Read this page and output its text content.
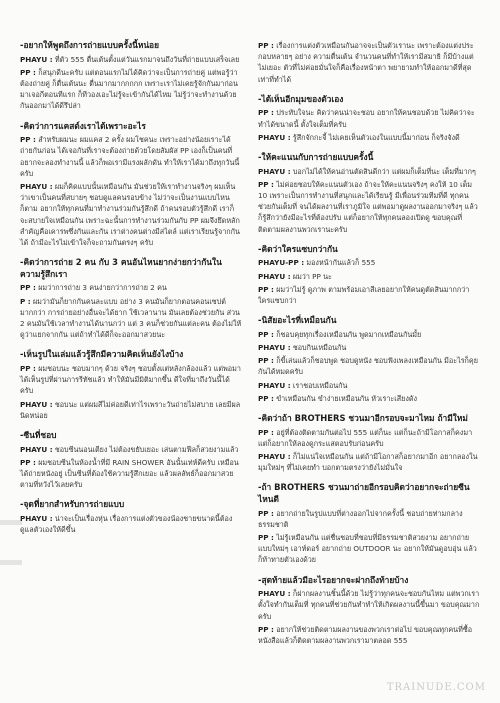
-อยากให้พูดถึงการถ่ายแบบครั้งนี้หน่อย
PHAYU : ที่ตัว 555 ตื่นเต้นตั้งแต่วันแรกมาจนถึงวันที่ถ่ายแบบเสร็จเลย
PP : ก็สนุกดีนะครับ แต่ตอนแรกไม่ได้คิดว่าจะเป็นการถ่ายคู่ แต่พอรู้ว่าต้องถ่ายคู่ ก็ตื่นเต้นนะ ตื่นมากมากกกกก เพราะเราไม่เคยรู้จักกันมาก่อน มาเจอกีตอนทีแรก ก็ทีวองเอะไม่รู้จะเข้ากันได้ไหม ไม่รู้ว่าจะทำงานด้วยกันออกมาได้ดีรึปล่า
-คิดว่าการแคสต์งเราได้เพราะอะไร
PP : สำหรับผมนะ ผมแคส 2 ครั้ง ผมโชคนะ เพราะอย่างน้อยเราะได้ถ่ายกันก่อน ได้เจอกันที่เราจะต้องถ่ายด้วยโดยสัมผัส PP เองก็เป็นคนที่อยากจะลองทำงานนี้ แล้วก็พอเรามีแรงผลักดัน ทำให้เราได้มาถึงทุกวันนี้ครับ
PHAYU : ผมก็คิดแบบนั้นเหมือนกัน มันช่วยให้เราทำงานจริงๆ ผมเห็นว่าเขาเป็นคนที่สบายๆ ชอบดูแลคนรอบข้าง ไม่ว่าจะเป็นงานแบบไหนก็ตาม อยากให้ทุกคนที่มาทำงานร่วมกันรู้สึกดี ถ้าคนรอบตัวรู้สึกดี เราก็จะสบายใจเหมือนกัน เพราะฉะนั้นการทำงานร่วมกันกับ PP ผมจึงยึดหลักสำคัญคือเคารพซึ่งกันและกัน เราต่างคนต่างมีสไตล์ แต่เราเรียนรู้จากกันได้ ถ้ามีอะไรไม่เข้าใจก็จะถามกันตรงๆ ครับ
-คิดว่าการถ่าย 2 คน กับ 3 คนอันไหนยากง่ายกว่ากันในความรู้สึกเรา
PP : ผมว่าการถ่าย 3 คนง่ายกว่าการถ่าย 2 คน
P : ผมว่ามันก็ยากกันคนละแบบ อย่าง 3 คนมันก็ยากตอนคอนเซปต์มากกว่า การถ่ายอย่างอื่นจะได้ยาก ใช้เวลานาน มันเลยต้องช่วยกัน ส่วน 2 คนมันใช้เวลาทำงานได้นานกว่า แต่ 3 คนก็ช่วยกันแต่ละคน ต้องไม่ให้ดูว่าแยกจากกัน แต่ถ้าทำได้ดีก็จะออกมาสวยนะ
-เห็นรูปในเล่มแล้วรู้สึกมีความคิดเห็นยังไงบ้าง
PP : ผมชอบนะ ชอบมากๆ ด้วย จริงๆ ชอบตั้งแต่หลังกล้องแล้ว แต่พอมาได้เห็นรูปที่ผ่านการรีทัชแล้ว ทำให้มันมีมิติมากขึ้น ดีใจที่มาถึงวันนี้ได้ครับ
PHAYU : ชอบนะ แต่ผมสีไม่ค่อยดีเท่าไรเพราะวันถ่ายไม่สบาย เลยมีผลนิดหน่อย
-ซีนที่ชอบ
PHAYU : ชอบซีนนอนเตียง ไม่ต้องขยับเยอะ เล่นตามฟีลก็สวยงามแล้ว
PP : ผมชอบซีนในห้องน้ำที่มี RAIN SHOWER อันนั้นเท่ห์ดีครับ เหมือนได้ถ่ายหนังอยู่ เป็นซีนที่ต้องใช้ความรู้สึกเยอะ แล้วผลลัพธ์ก็ออกมาสวยตามที่หวังไว้เลยครับ
-จุดที่ยากสำหรับการถ่ายแบบ
PHAYU : น่าจะเป็นเรื่องหุ่น เรื่องการแต่งตัวของน้องชายขนาดนี้ต้องดูแลตัวเองให้ดีขึ้น
PP : เรื่องการแต่งตัวเหมือนกันอาจจะเป็นตัวเรานะ เพราะต้องแต่งประกอบหลายๆ อย่าง ความตื่นเต้น จำนวนคนที่ทำให้เรามีสมาธิ ก็มีบ้างแต่ไม่เยอะ ตัวที่ไม่ค่อยมั่นใจก็คือเรื่องหน้าตา พยายามทำให้ออกมาดีที่สุดเท่าที่ทำได้
-ได้เห็นอีกมุมของตัวเอง
PP : ประทับใจนะ คิดว่าคนน่าจะชอบ อยากให้คนชอบด้วย ไม่คิดว่าจะทำได้ขนาดนี้ ตั้งใจเต็มที่ครับ
PHAYU : รู้สึกจักกะจี้ ไม่เคยเห็นตัวเองในแบบนี้มาก่อน ก็จริงจังดี
-ให้คะแนนกับการถ่ายแบบครั้งนี้
PHAYU : บอกไม่ได้ให้คนอ่านตัดสินดีกว่า แต่ผมก็เต็มที่นะ เต็มที่มากๆ
PP : ไม่ค่อยชอบให้คะแนนตัวเอง ถ้าจะให้คะแนนจริงๆ คงให้ 10 เต็ม 10 เพราะเป็นการทำงานที่สนุกและได้เรียนรู้ มีเพื่อนร่วมทีมที่ดี ทุกคนช่วยกันเต็มที่ จนได้ผลงานที่เราภูมิใจ แต่พอมาดูผลงานออกมาจริงๆ แล้ว ก็รู้สึกว่ายังมีอะไรที่ต้องปรับ แต่ก็อยากให้ทุกคนลองเปิดดู ขอบคุณที่ติดตามผลงานพวกเรานะครับ
-คิดว่าใครแซบกว่ากัน
PHAYU-PP : มองหน้ากันแล้วก็ 555
PHAYU : ผมว่า PP นะ
PP : ผมว่าไม่รู้ ดูภาพ ตามพร้อมเอาสีเลยอยากให้คนดูตัดสินมากกว่า ใครแซบกว่า
-นิสัยอะไรที่เหมือนกัน
PP : ก็ชอบคุยทุกเรื่องเหมือนกัน พูดมากเหมือนกันมั้ย
PHAYU : ชอบกินเหมือนกัน
PP : ก็ขี้เล่นแล้วก็ชอบพูด ชอบดูหนัง ชอบฟังเพลงเหมือนกัน มีอะไรก็คุยกันได้หมดครับ
PHAYU : เราชอบเหมือนกัน
PP : ขำเหมือนกัน ขำง่ายเหมือนกัน หัวเราะเสียงดัง
-คิดว่าถ้า BROTHERS ชวนมาอีกรอบจะมาไหม ถ้ามีใหม่
PP : อยู่ที่ต้องติดตามกันต่อไป 555 แต่ก็นะ แต่ก็นะถ้ามีโอกาสก็คงมา แต่ก็อยากให้ลองดูกระแสตอบรับก่อนครับ
PHAYU : ก็ไม่แน่ใจเหมือนกัน แต่ถ้ามีโอกาสก็อยากมาอีก อยากลองในมุมใหม่ๆ ที่ไม่เคยทำ บอกตามตรงว่ายังไม่มั่นใจ
-ถ้า BROTHERS ชวนมาถ่ายอีกรอบคิดว่าอยากจะถ่ายซีนไหนดี
PP : อยากถ่ายในรูปแบบที่ต่างออกไปจากครั้งนี้ ชอบถ่ายท่ามกลางธรรมชาติ
PP : ไม่รู้เหมือนกัน แต่ชื่นชอบที่ชอบที่มีธรรมชาติสวยงาม อยากถ่ายแบบใหม่ๆ เอาท์ดอร์ อยากถ่าย OUTDOOR นะ อยากให้มันดูอบอุ่น แล้วก็ท้าทายตัวเองด้วย
-สุดท้ายแล้วมีอะไรอยากจะฝากถึงท้ายบ้าง
PHAYU : ก็ฝากผลงานชิ้นนี้ด้วย ไม่รู้ว่าทุกคนจะชอบกันไหม แต่พวกเราตั้งใจทำกันเต็มที่ ทุกคนที่ช่วยกันทำทำให้เกิดผลงานนี้ขึ้นมา ขอบคุณมากครับ
PP : อยากให้ช่วยติดตามผลงานของพวกเราต่อไป ขอบคุณทุกคนที่ซื้อหนังสือแล้วก็ติดตามผลงานพวกเรามาตลอด 555
TRAINUDE.COM
